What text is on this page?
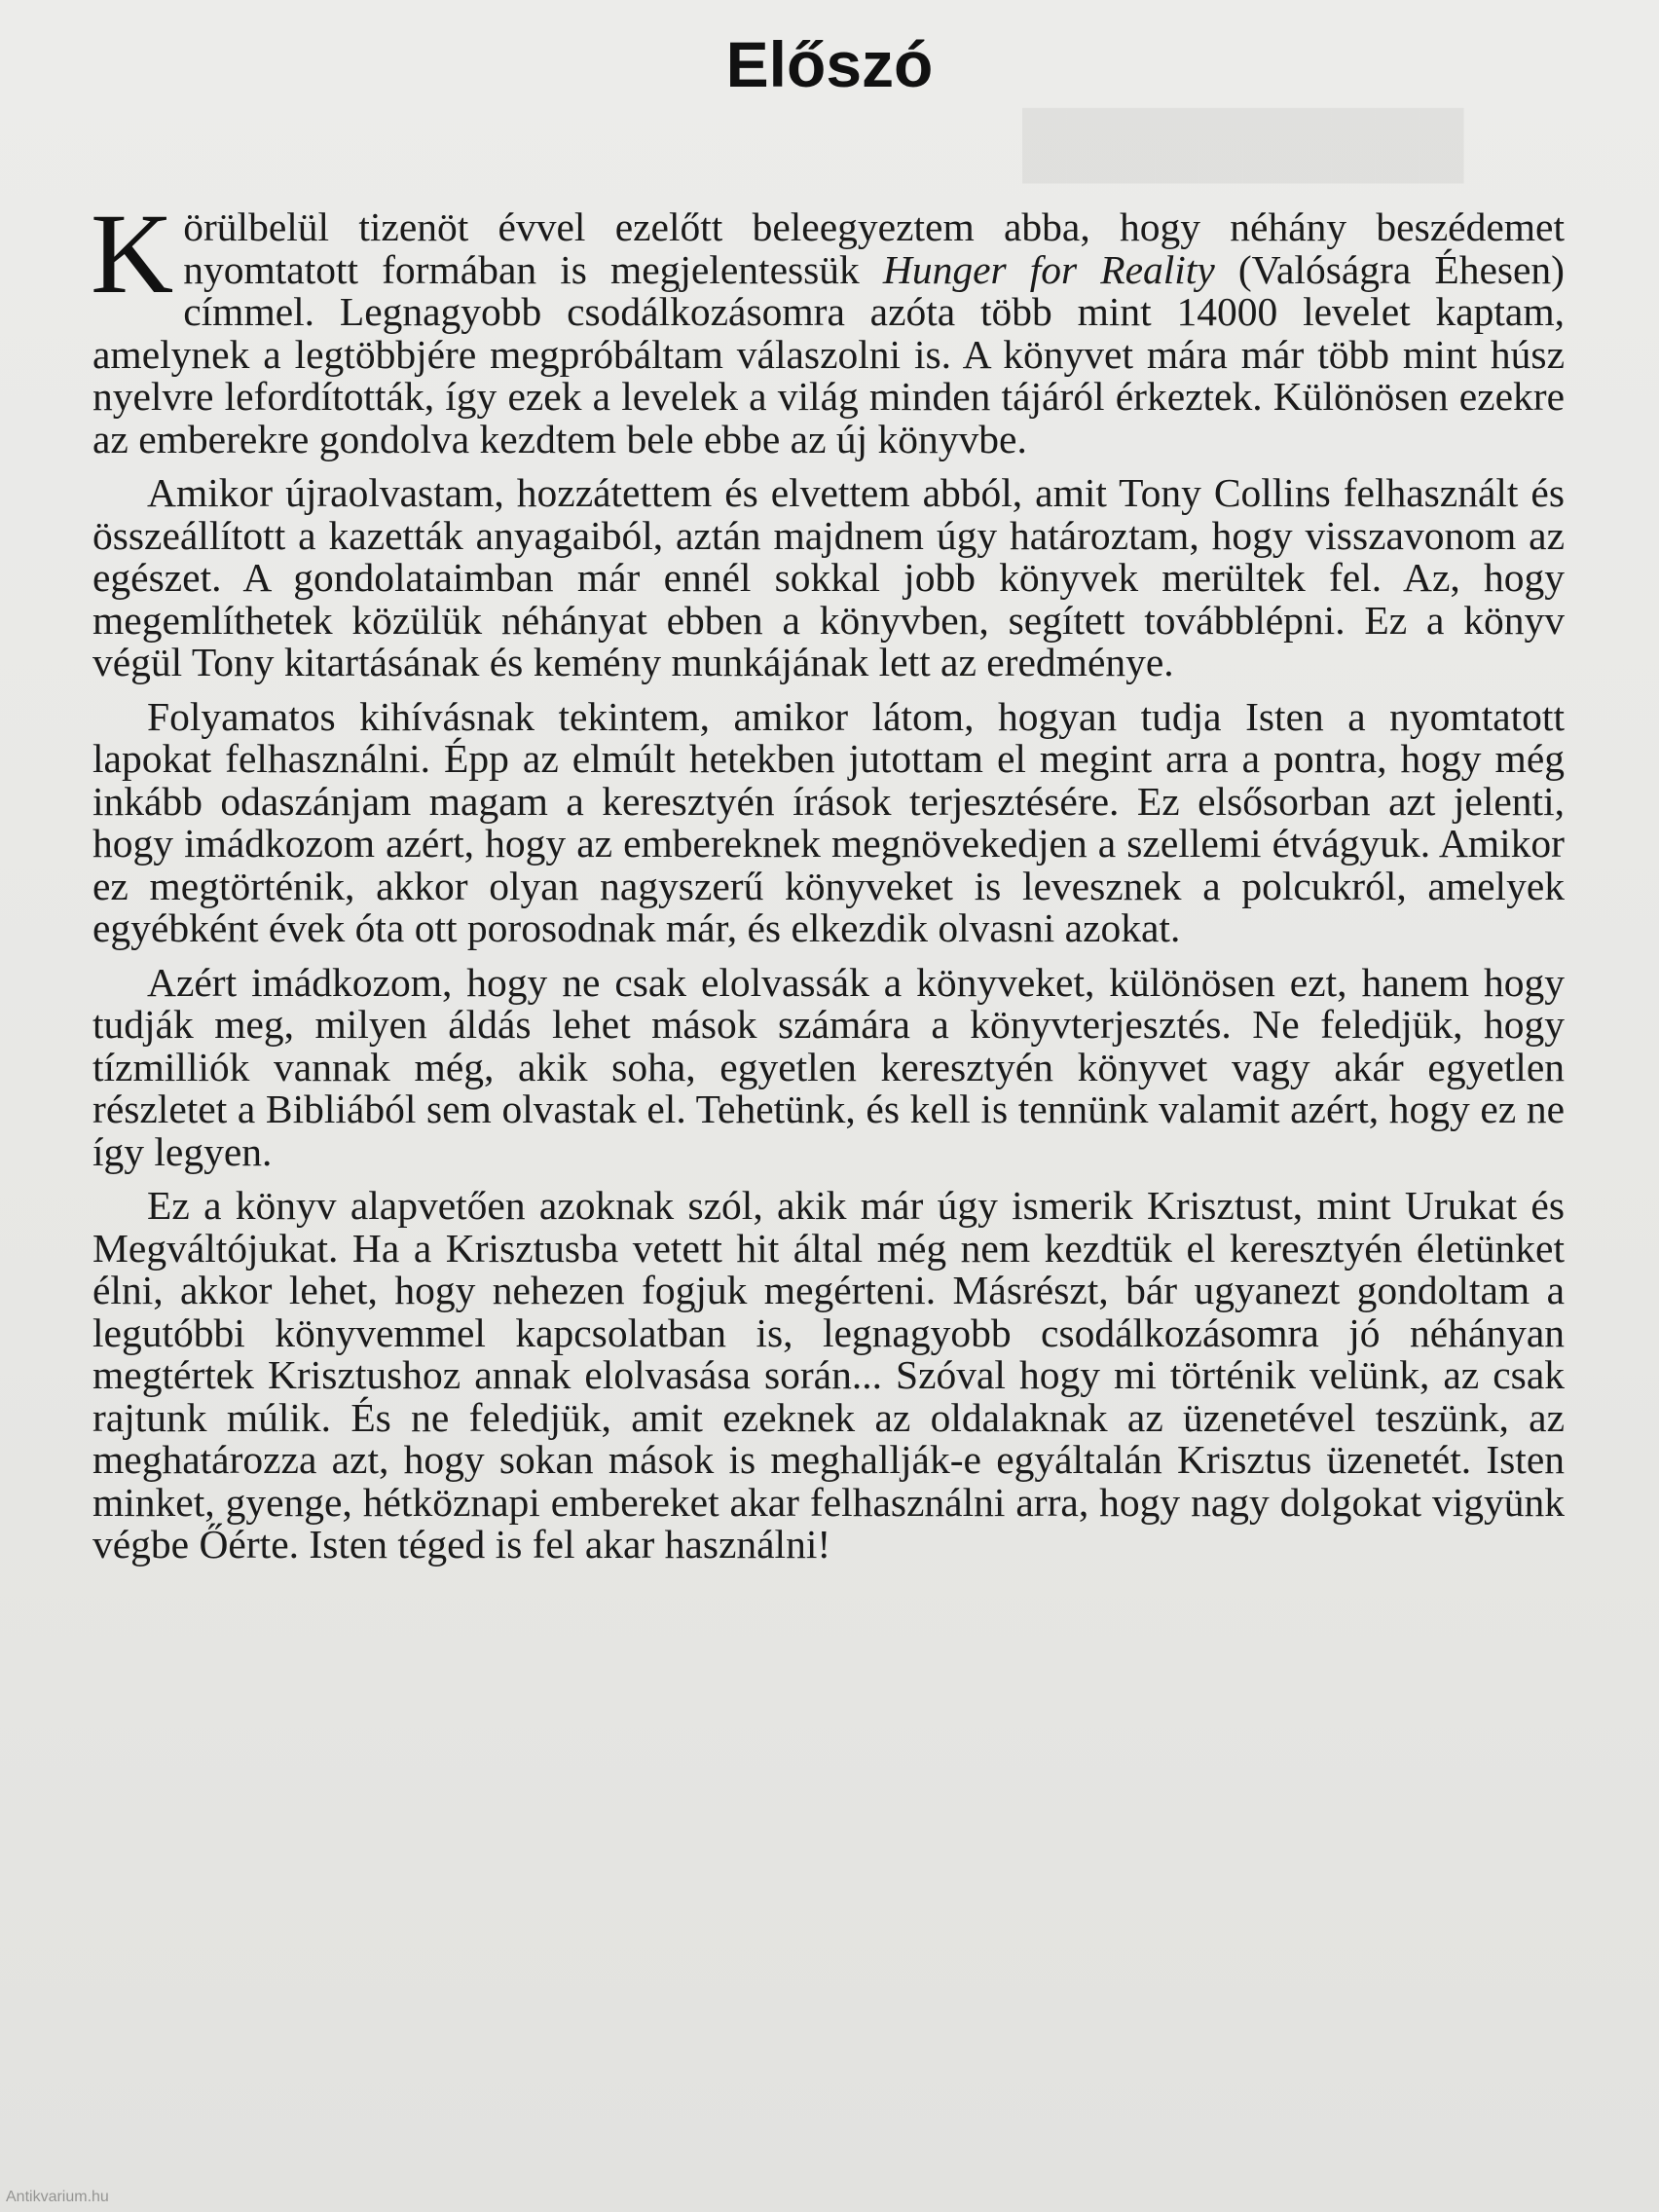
██████████
Előszó

Körülbelül tizenöt évvel ezelőtt beleegyeztem abba, hogy néhány beszédemet nyomtatott formában is megjelentessük Hunger for Reality (Valóságra Éhesen) címmel. Legnagyobb csodálkozásomra azóta több mint 14000 levelet kaptam, amelynek a legtöbbjére megpróbáltam válaszolni is. A könyvet mára már több mint húsz nyelvre lefordították, így ezek a levelek a világ minden tájáról érkeztek. Különösen ezekre az emberekre gondolva kezdtem bele ebbe az új könyvbe.

Amikor újraolvastam, hozzátettem és elvettem abból, amit Tony Collins felhasznált és összeállított a kazetták anyagaiból, aztán majdnem úgy határoztam, hogy visszavonom az egészet. A gondolataimban már ennél sokkal jobb könyvek merültek fel. Az, hogy megemlíthetek közülük néhányat ebben a könyvben, segített továbblépni. Ez a könyv végül Tony kitartásának és kemény munkájának lett az eredménye.

Folyamatos kihívásnak tekintem, amikor látom, hogyan tudja Isten a nyomtatott lapokat felhasználni. Épp az elmúlt hetekben jutottam el megint arra a pontra, hogy még inkább odaszánjam magam a keresztyén írások terjesztésére. Ez elsősorban azt jelenti, hogy imádkozom azért, hogy az embereknek megnövekedjen a szellemi étvágyuk. Amikor ez megtörténik, akkor olyan nagyszerű könyveket is levesznek a polcukról, amelyek egyébként évek óta ott porosodnak már, és elkezdik olvasni azokat.

Azért imádkozom, hogy ne csak elolvassák a könyveket, különösen ezt, hanem hogy tudják meg, milyen áldás lehet mások számára a könyvterjesztés. Ne feledjük, hogy tízmilliók vannak még, akik soha, egyetlen keresztyén könyvet vagy akár egyetlen részletet a Bibliából sem olvastak el. Tehetünk, és kell is tennünk valamit azért, hogy ez ne így legyen.

Ez a könyv alapvetően azoknak szól, akik már úgy ismerik Krisztust, mint Urukat és Megváltójukat. Ha a Krisztusba vetett hit által még nem kezdtük el keresztyén életünket élni, akkor lehet, hogy nehezen fogjuk megérteni. Másrészt, bár ugyanezt gondoltam a legutóbbi könyvemmel kapcsolatban is, legnagyobb csodálkozásomra jó néhányan megtértek Krisztushoz annak elolvasása során... Szóval hogy mi történik velünk, az csak rajtunk múlik. És ne feledjük, amit ezeknek az oldalaknak az üzenetével teszünk, az meghatározza azt, hogy sokan mások is meghallják-e egyáltalán Krisztus üzenetét. Isten minket, gyenge, hétköznapi embereket akar felhasználni arra, hogy nagy dolgokat vigyünk végbe Őérte. Isten téged is fel akar használni!

Antikvarium.hu
